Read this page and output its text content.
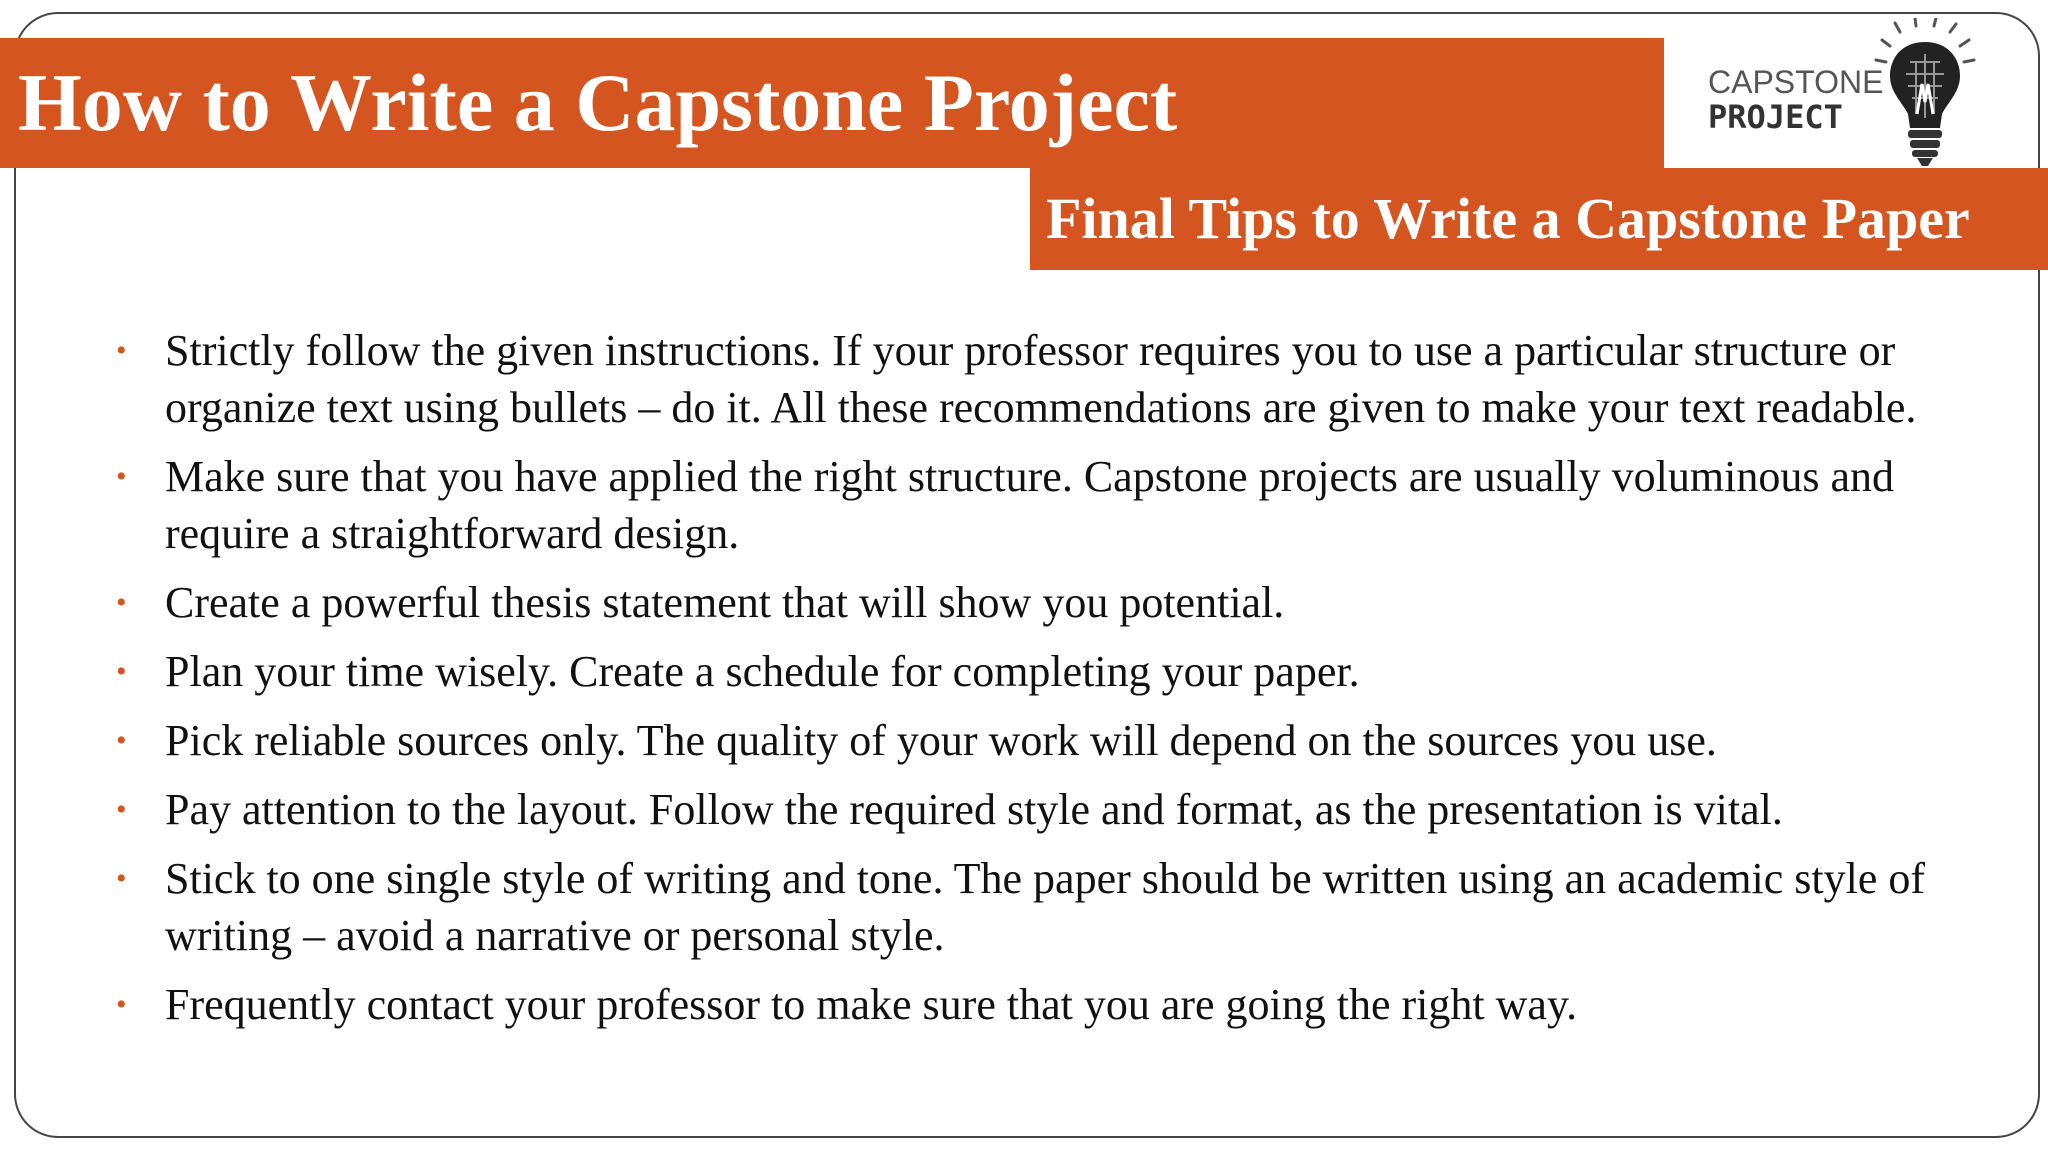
How to Write a Capstone Project
Final Tips to Write a Capstone Paper
CAPSTONE
PROJECT
• Strictly follow the given instructions. If your professor requires you to use a particular structure or organize text using bullets – do it. All these recommendations are given to make your text readable.
• Make sure that you have applied the right structure. Capstone projects are usually voluminous and require a straightforward design.
• Create a powerful thesis statement that will show you potential.
• Plan your time wisely. Create a schedule for completing your paper.
• Pick reliable sources only. The quality of your work will depend on the sources you use.
• Pay attention to the layout. Follow the required style and format, as the presentation is vital.
• Stick to one single style of writing and tone. The paper should be written using an academic style of writing – avoid a narrative or personal style.
• Frequently contact your professor to make sure that you are going the right way.
